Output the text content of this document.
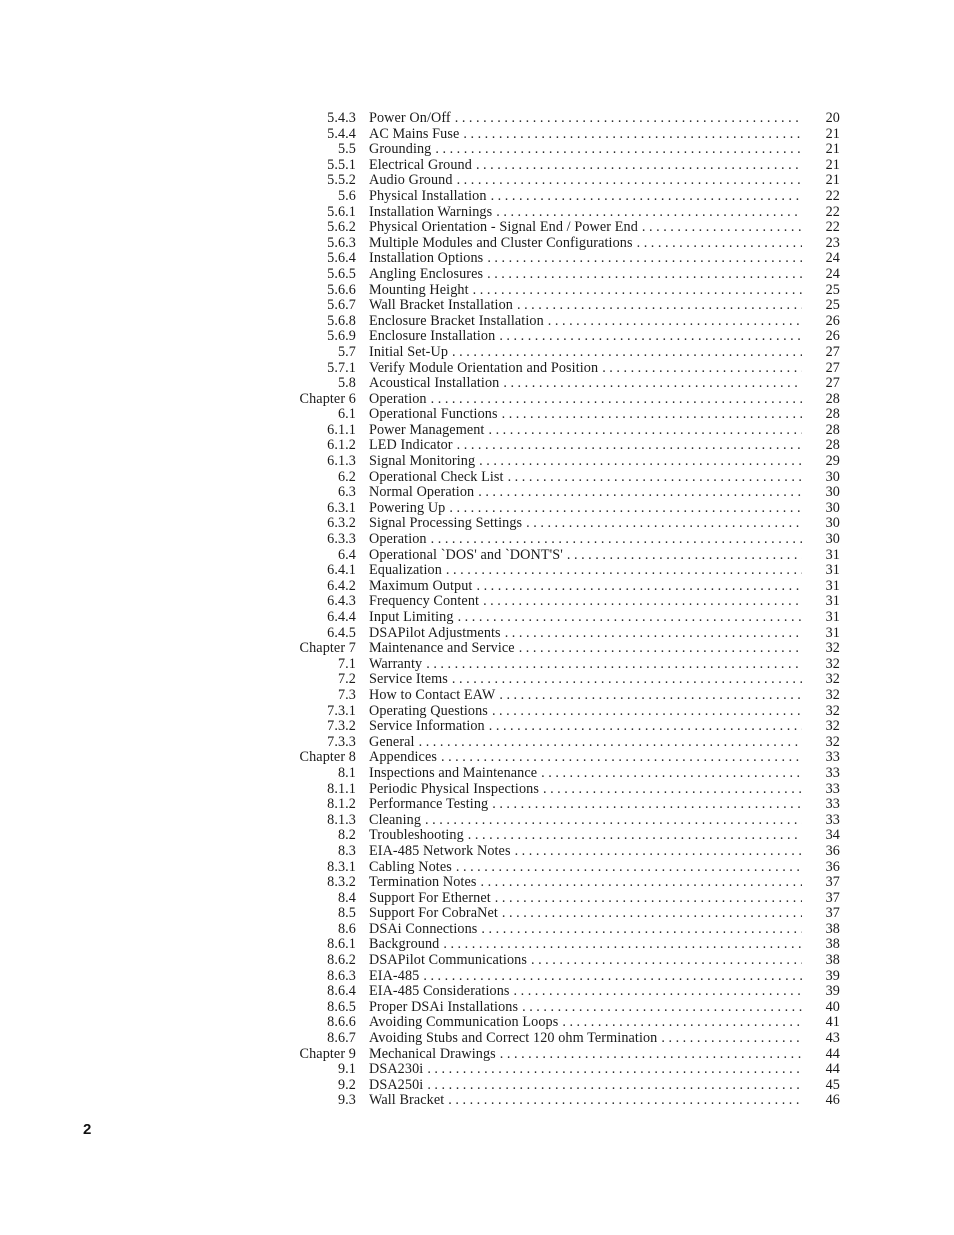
5.4.3 Power On/Off . . .	20
5.4.4 AC Mains Fuse . . .	21
5.5 Grounding . . .	21
5.5.1 Electrical Ground . . .	21
5.5.2 Audio Ground . . .	21
5.6 Physical Installation . . .	22
5.6.1 Installation Warnings . . .	22
5.6.2 Physical Orientation - Signal End / Power End . . .	22
5.6.3 Multiple Modules and Cluster Configurations . . .	23
5.6.4 Installation Options . . .	24
5.6.5 Angling Enclosures . . .	24
5.6.6 Mounting Height . . .	25
5.6.7 Wall Bracket Installation . . .	25
5.6.8 Enclosure Bracket Installation . . .	26
5.6.9 Enclosure Installation . . .	26
5.7 Initial Set-Up . . .	27
5.7.1 Verify Module Orientation and Position . . .	27
5.8 Acoustical Installation . . .	27
Chapter 6 Operation . . .	28
6.1 Operational Functions . . .	28
6.1.1 Power Management . . .	28
6.1.2 LED Indicator . . .	28
6.1.3 Signal Monitoring . . .	29
6.2 Operational Check List . . .	30
6.3 Normal Operation . . .	30
6.3.1 Powering Up . . .	30
6.3.2 Signal Processing Settings . . .	30
6.3.3 Operation . . .	30
6.4 Operational `DOS' and `DONT'S' . . .	31
6.4.1 Equalization . . .	31
6.4.2 Maximum Output . . .	31
6.4.3 Frequency Content . . .	31
6.4.4 Input Limiting . . .	31
6.4.5 DSAPilot Adjustments . . .	31
Chapter 7 Maintenance and Service . . .	32
7.1 Warranty . . .	32
7.2 Service Items . . .	32
7.3 How to Contact EAW . . .	32
7.3.1 Operating Questions . . .	32
7.3.2 Service Information . . .	32
7.3.3 General . . .	32
Chapter 8 Appendices . . .	33
8.1 Inspections and Maintenance . . .	33
8.1.1 Periodic Physical Inspections . . .	33
8.1.2 Performance Testing . . .	33
8.1.3 Cleaning . . .	33
8.2 Troubleshooting . . .	34
8.3 EIA-485 Network Notes . . .	36
8.3.1 Cabling Notes . . .	36
8.3.2 Termination Notes . . .	37
8.4 Support For Ethernet . . .	37
8.5 Support For CobraNet . . .	37
8.6 DSAi Connections . . .	38
8.6.1 Background . . .	38
8.6.2 DSAPilot Communications . . .	38
8.6.3 EIA-485 . . .	39
8.6.4 EIA-485 Considerations . . .	39
8.6.5 Proper DSAi Installations . . .	40
8.6.6 Avoiding Communication Loops . . .	41
8.6.7 Avoiding Stubs and Correct 120 ohm Termination . . .	43
Chapter 9 Mechanical Drawings . . .	44
9.1 DSA230i . . .	44
9.2 DSA250i . . .	45
9.3 Wall Bracket . . .	46
2
